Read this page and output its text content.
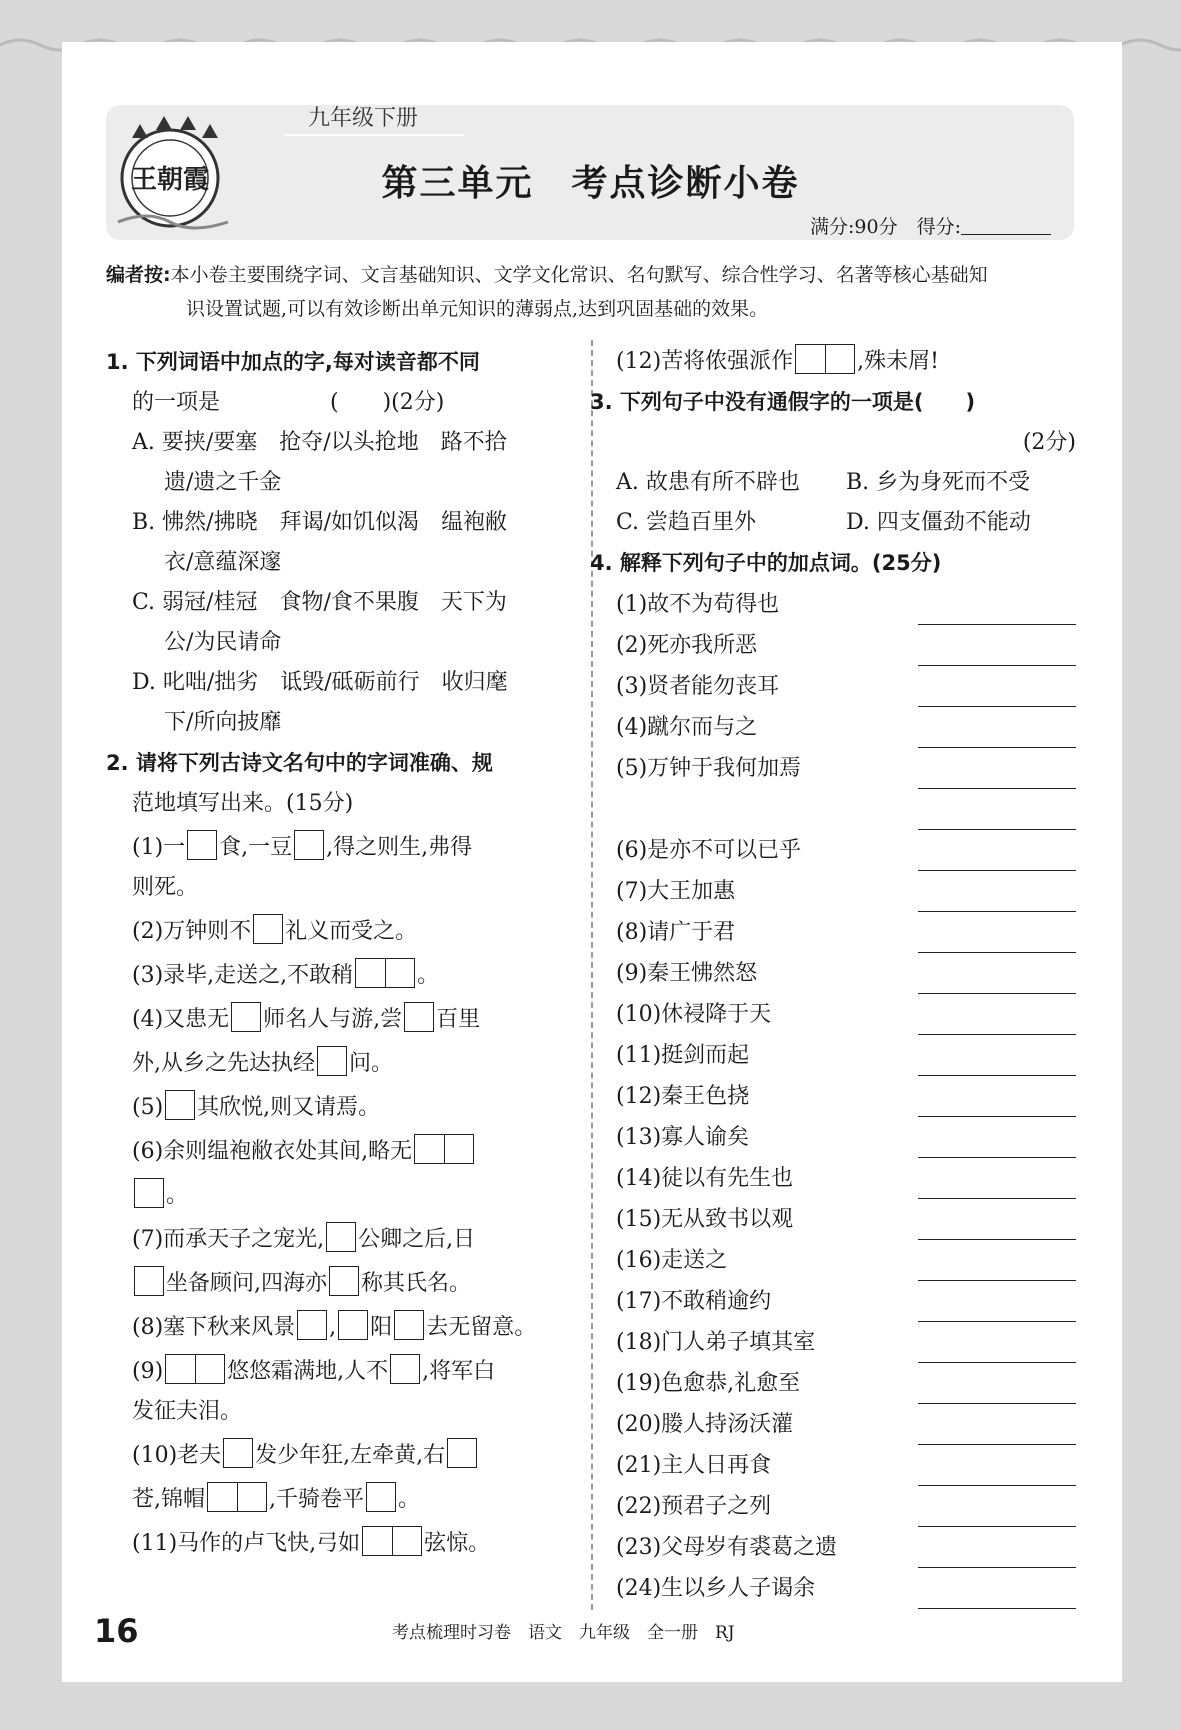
王朝霞
九年级下册
第三单元　考点诊断小卷
满分:90分　得分:
编者按:本小卷主要围绕字词、文言基础知识、文学文化常识、名句默写、综合性学习、名著等核心基础知
识设置试题,可以有效诊断出单元知识的薄弱点,达到巩固基础的效果。
1. 下列词语中加点的字,每对读音都不同
的一项是　　　　　(　　)(2分)
A. 要挟/要塞　抢夺/以头抢地　路不拾
遗/遗之千金
B. 怫然/拂晓　拜谒/如饥似渴　缊袍敝
衣/意蕴深邃
C. 弱冠/桂冠　食物/食不果腹　天下为
公/为民请命
D. 叱咄/拙劣　诋毁/砥砺前行　收归麾
下/所向披靡
2. 请将下列古诗文名句中的字词准确、规
范地填写出来。(15分)
(1)一 食,一豆 ,得之则生,弗得
则死。
(2)万钟则不 礼义而受之。
(3)录毕,走送之,不敢稍	。
(4)又患无 师名人与游,尝 百里
外,从乡之先达执经 问。
(5) 其欣悦,则又请焉。
(6)余则缊袍敝衣处其间,略无
。
(7)而承天子之宠光, 公卿之后,日
坐备顾问,四海亦 称其氏名。
(8)塞下秋来风景 , 阳 去无留意。
(9)	悠悠霜满地,人不 ,将军白
发征夫泪。
(10)老夫 发少年狂,左牵黄,右
苍,锦帽	,千骑卷平 。
(11)马作的卢飞快,弓如	弦惊。
(12)苦将侬强派作	,殊未屑!
3. 下列句子中没有通假字的一项是(　　)
(2分)
A. 故患有所不辟也	B. 乡为身死而不受
C. 尝趋百里外	D. 四支僵劲不能动
4. 解释下列句子中的加点词。(25分)
(1)故不为苟得也
(2)死亦我所恶
(3)贤者能勿丧耳
(4)蹴尔而与之
(5)万钟于我何加焉
(6)是亦不可以已乎
(7)大王加惠
(8)请广于君
(9)秦王怫然怒
(10)休祲降于天
(11)挺剑而起
(12)秦王色挠
(13)寡人谕矣
(14)徒以有先生也
(15)无从致书以观
(16)走送之
(17)不敢稍逾约
(18)门人弟子填其室
(19)色愈恭,礼愈至
(20)媵人持汤沃灌
(21)主人日再食
(22)预君子之列
(23)父母岁有裘葛之遗
(24)生以乡人子谒余
16	考点梳理时习卷　语文　九年级　全一册　RJ
